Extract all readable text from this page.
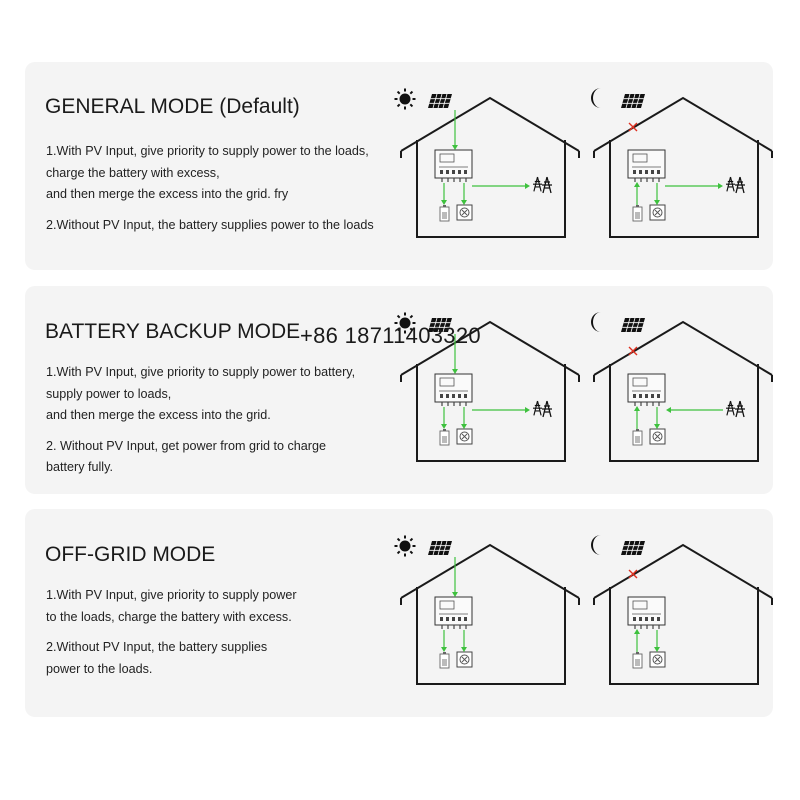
GENERAL MODE (Default)

1.With PV Input, give priority to supply power to the loads,
charge the battery with excess,
and then merge the excess into the grid. fry

2.Without PV Input, the battery supplies power to the loads

BATTERY BACKUP MODE

1.With PV Input, give priority to supply power to battery,
supply power to loads,
and then merge the excess into the grid.

2. Without PV Input, get power from grid to charge
battery fully.

OFF-GRID MODE

1.With PV Input, give priority to supply power
to the loads, charge the battery with excess.

2.Without PV Input, the battery supplies
power to the loads.

+86 18711403320
